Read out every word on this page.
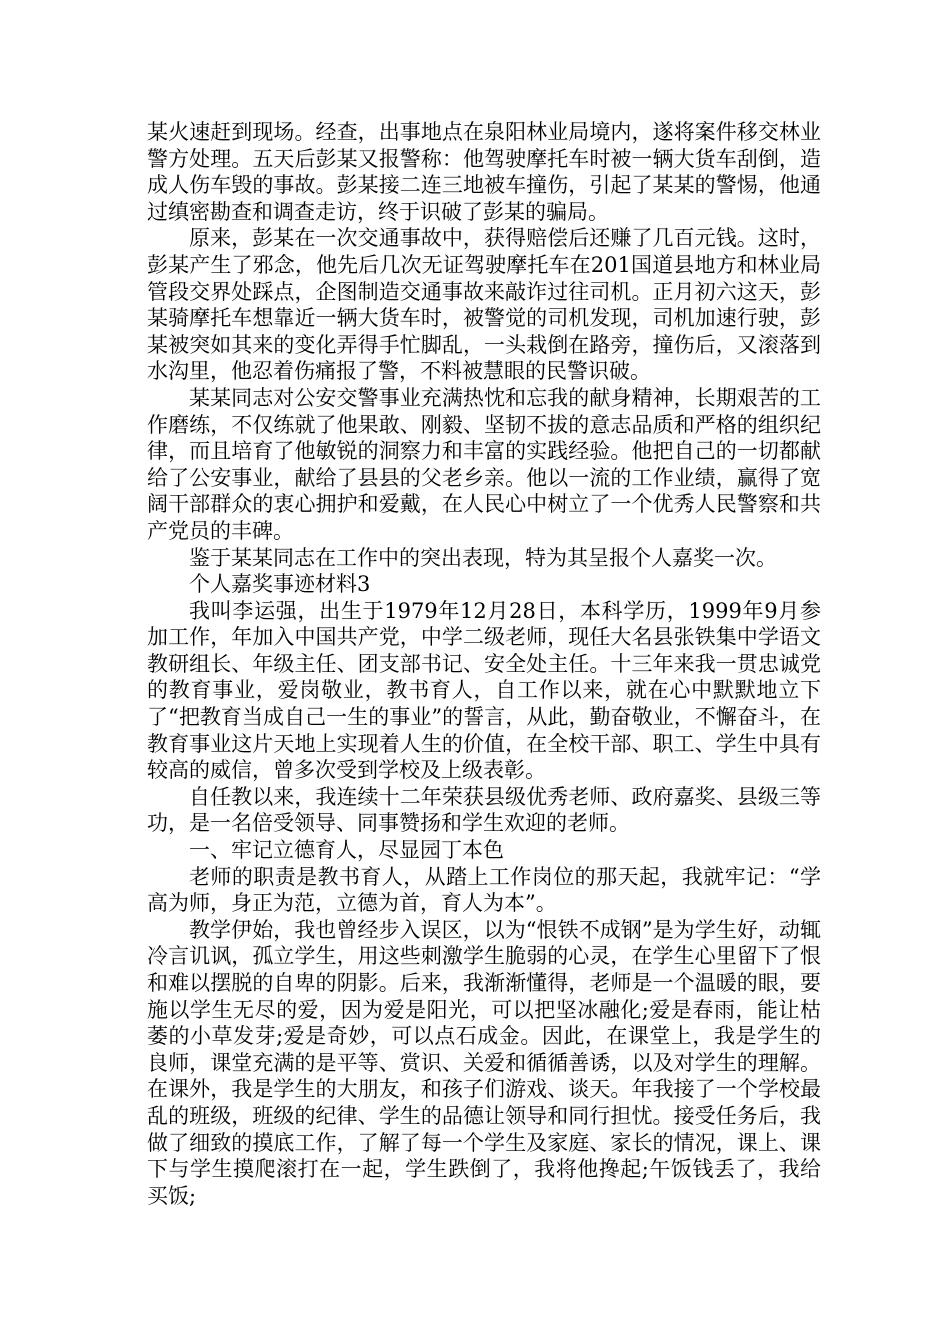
某火速赶到现场。经查，出事地点在泉阳林业局境内，遂将案件移交林业警方处理。五天后彭某又报警称：他驾驶摩托车时被一辆大货车刮倒，造成人伤车毁的事故。彭某接二连三地被车撞伤，引起了某某的警惕，他通过缜密勘查和调查走访，终于识破了彭某的骗局。

原来，彭某在一次交通事故中，获得赔偿后还赚了几百元钱。这时，彭某产生了邪念，他先后几次无证驾驶摩托车在201国道县地方和林业局管段交界处踩点，企图制造交通事故来敲诈过往司机。正月初六这天，彭某骑摩托车想靠近一辆大货车时，被警觉的司机发现，司机加速行驶，彭某被突如其来的变化弄得手忙脚乱，一头栽倒在路旁，撞伤后，又滚落到水沟里，他忍着伤痛报了警，不料被慧眼的民警识破。

某某同志对公安交警事业充满热忱和忘我的献身精神，长期艰苦的工作磨练，不仅练就了他果敢、刚毅、坚韧不拔的意志品质和严格的组织纪律，而且培育了他敏锐的洞察力和丰富的实践经验。他把自己的一切都献给了公安事业，献给了县县的父老乡亲。他以一流的工作业绩，赢得了宽阔干部群众的衷心拥护和爱戴，在人民心中树立了一个优秀人民警察和共产党员的丰碑。

鉴于某某同志在工作中的突出表现，特为其呈报个人嘉奖一次。

个人嘉奖事迹材料3

我叫李运强，出生于1979年12月28日，本科学历，1999年9月参加工作，年加入中国共产党，中学二级老师，现任大名县张铁集中学语文教研组长、年级主任、团支部书记、安全处主任。十三年来我一贯忠诚党的教育事业，爱岗敬业，教书育人，自工作以来，就在心中默默地立下了“把教育当成自己一生的事业”的誓言，从此，勤奋敬业，不懈奋斗，在教育事业这片天地上实现着人生的价值，在全校干部、职工、学生中具有较高的威信，曾多次受到学校及上级表彰。

自任教以来，我连续十二年荣获县级优秀老师、政府嘉奖、县级三等功，是一名倍受领导、同事赞扬和学生欢迎的老师。

一、牢记立德育人，尽显园丁本色

老师的职责是教书育人，从踏上工作岗位的那天起，我就牢记：“学高为师，身正为范，立德为首，育人为本”。

教学伊始，我也曾经步入误区，以为“恨铁不成钢”是为学生好，动辄冷言讥讽，孤立学生，用这些刺激学生脆弱的心灵，在学生心里留下了恨和难以摆脱的自卑的阴影。后来，我渐渐懂得，老师是一个温暖的眼，要施以学生无尽的爱，因为爱是阳光，可以把坚冰融化;爱是春雨，能让枯萎的小草发芽;爱是奇妙，可以点石成金。因此，在课堂上，我是学生的良师，课堂充满的是平等、赏识、关爱和循循善诱，以及对学生的理解。在课外，我是学生的大朋友，和孩子们游戏、谈天。年我接了一个学校最乱的班级，班级的纪律、学生的品德让领导和同行担忧。接受任务后，我做了细致的摸底工作，了解了每一个学生及家庭、家长的情况，课上、课下与学生摸爬滚打在一起，学生跌倒了，我将他搀起;午饭钱丢了，我给买饭;
